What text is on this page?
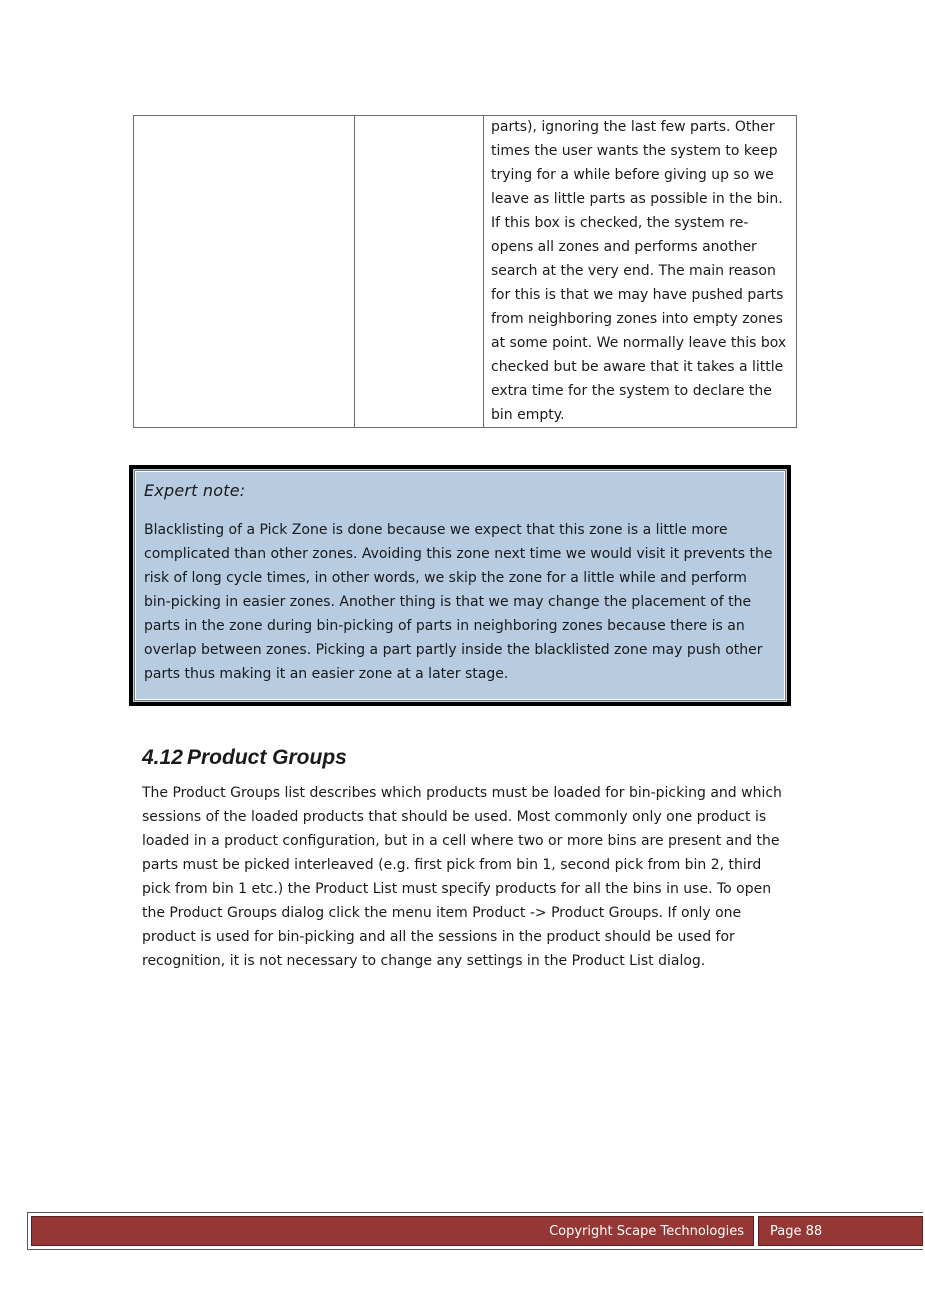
parts), ignoring the last few parts. Other times the user wants the system to keep trying for a while before giving up so we leave as little parts as possible in the bin. If this box is checked, the system re-opens all zones and performs another search at the very end. The main reason for this is that we may have pushed parts from neighboring zones into empty zones at some point. We normally leave this box checked but be aware that it takes a little extra time for the system to declare the bin empty.
Expert note:

Blacklisting of a Pick Zone is done because we expect that this zone is a little more complicated than other zones. Avoiding this zone next time we would visit it prevents the risk of long cycle times, in other words, we skip the zone for a little while and perform bin-picking in easier zones. Another thing is that we may change the placement of the parts in the zone during bin-picking of parts in neighboring zones because there is an overlap between zones. Picking a part partly inside the blacklisted zone may push other parts thus making it an easier zone at a later stage.

4.12 Product Groups

The Product Groups list describes which products must be loaded for bin-picking and which sessions of the loaded products that should be used. Most commonly only one product is loaded in a product configuration, but in a cell where two or more bins are present and the parts must be picked interleaved (e.g. first pick from bin 1, second pick from bin 2, third pick from bin 1 etc.) the Product List must specify products for all the bins in use. To open the Product Groups dialog click the menu item Product -> Product Groups. If only one product is used for bin-picking and all the sessions in the product should be used for recognition, it is not necessary to change any settings in the Product List dialog.

Copyright Scape Technologies Page 88
